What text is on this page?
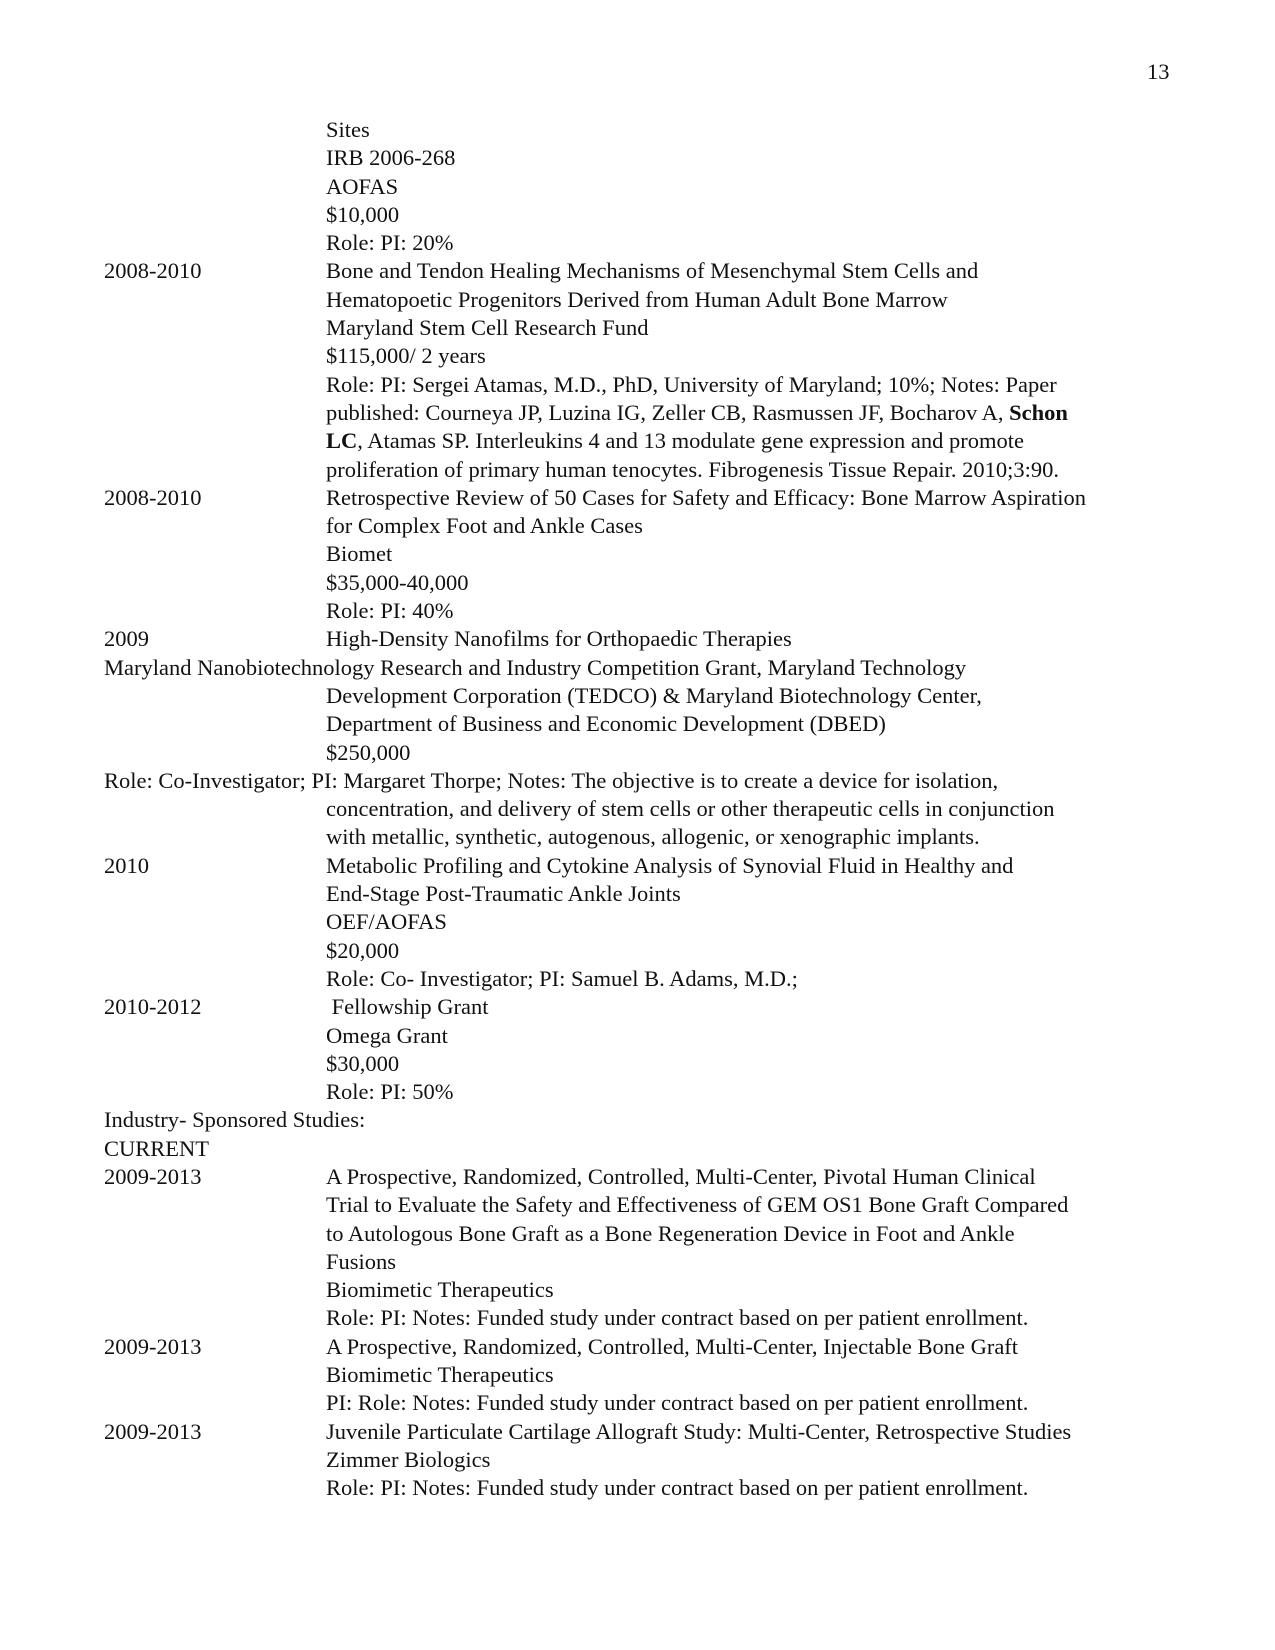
13
Sites
IRB 2006-268
AOFAS
$10,000
Role: PI: 20%
2008-2010	Bone and Tendon Healing Mechanisms of Mesenchymal Stem Cells and
Hematopoetic Progenitors Derived from Human Adult Bone Marrow
Maryland Stem Cell Research Fund
$115,000/ 2 years
Role: PI: Sergei Atamas, M.D., PhD, University of Maryland; 10%; Notes: Paper
published: Courneya JP, Luzina IG, Zeller CB, Rasmussen JF, Bocharov A, Schon
LC, Atamas SP. Interleukins 4 and 13 modulate gene expression and promote
proliferation of primary human tenocytes. Fibrogenesis Tissue Repair. 2010;3:90.
2008-2010	Retrospective Review of 50 Cases for Safety and Efficacy: Bone Marrow Aspiration
for Complex Foot and Ankle Cases
Biomet
$35,000-40,000
Role: PI: 40%
2009	High-Density Nanofilms for Orthopaedic Therapies
Maryland Nanobiotechnology Research and Industry Competition Grant, Maryland Technology
Development Corporation (TEDCO) & Maryland Biotechnology Center,
Department of Business and Economic Development (DBED)
$250,000
Role: Co-Investigator; PI: Margaret Thorpe; Notes: The objective is to create a device for isolation,
concentration, and delivery of stem cells or other therapeutic cells in conjunction
with metallic, synthetic, autogenous, allogenic, or xenographic implants.
2010	Metabolic Profiling and Cytokine Analysis of Synovial Fluid in Healthy and
End-Stage Post-Traumatic Ankle Joints
OEF/AOFAS
$20,000
Role: Co- Investigator; PI: Samuel B. Adams, M.D.;
2010-2012	Fellowship Grant
Omega Grant
$30,000
Role: PI: 50%
Industry- Sponsored Studies:
CURRENT
2009-2013	A Prospective, Randomized, Controlled, Multi-Center, Pivotal Human Clinical
Trial to Evaluate the Safety and Effectiveness of GEM OS1 Bone Graft Compared
to Autologous Bone Graft as a Bone Regeneration Device in Foot and Ankle
Fusions
Biomimetic Therapeutics
Role: PI: Notes: Funded study under contract based on per patient enrollment.
2009-2013	A Prospective, Randomized, Controlled, Multi-Center, Injectable Bone Graft
Biomimetic Therapeutics
PI: Role: Notes: Funded study under contract based on per patient enrollment.
2009-2013	Juvenile Particulate Cartilage Allograft Study: Multi-Center, Retrospective Studies
Zimmer Biologics
Role: PI: Notes: Funded study under contract based on per patient enrollment.
